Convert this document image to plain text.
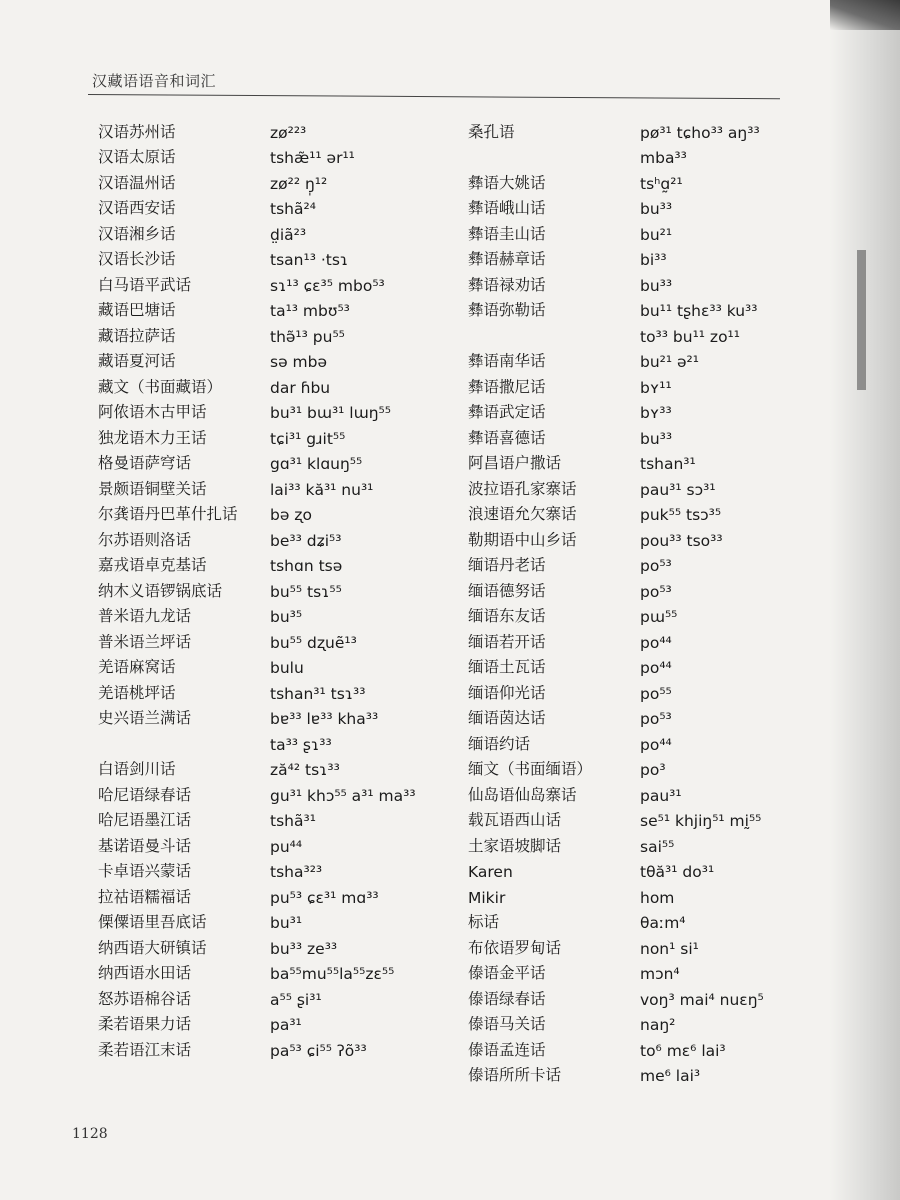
汉藏语语音和词汇
汉语苏州话	zø²²³
汉语太原话	tshæ̃¹¹ ər¹¹
汉语温州话	zø²² ŋ̩¹²
汉语西安话	tshã²⁴
汉语湘乡话	d̤iã²³
汉语长沙话	tsan¹³ ·tsɿ
白马语平武话	sɿ¹³ ɕɛ³⁵ mbo⁵³
藏语巴塘话	ta¹³ mbʊ⁵³
藏语拉萨话	thə̃¹³ pu⁵⁵
藏语夏河话	sə mbə
藏文（书面藏语）	dar ɦbu
阿侬语木古甲话	bu³¹ bɯ³¹ lɯŋ⁵⁵
独龙语木力王话	tɕi³¹ gɹit⁵⁵
格曼语萨穹话	gɑ³¹ klɑuŋ⁵⁵
景颇语铜壁关话	lai³³ kă³¹ nu³¹
尔龚语丹巴革什扎话	bə ʐo
尔苏语则洛话	be³³ dʑi⁵³
嘉戎语卓克基话	tshɑn tsə
纳木义语锣锅底话	bu⁵⁵ tsɿ⁵⁵
普米语九龙话	bu³⁵
普米语兰坪话	bu⁵⁵ dʐuẽ¹³
羌语麻窝话	bulu
羌语桃坪话	tshan³¹ tsɿ³³
史兴语兰满话	bɐ³³ lɐ³³ kha³³
ta³³ ʂɿ³³
白语剑川话	ză⁴² tsɿ³³
哈尼语绿春话	gu³¹ khɔ⁵⁵ a³¹ ma³³
哈尼语墨江话	tshã³¹
基诺语曼斗话	pu⁴⁴
卡卓语兴蒙话	tsha³²³
拉祜语糯福话	pu⁵³ ɕɛ³¹ mɑ³³
傈僳语里吾底话	bu³¹
纳西语大研镇话	bu³³ ze³³
纳西语水田话	ba⁵⁵mu⁵⁵la⁵⁵zɛ⁵⁵
怒苏语棉谷话	a⁵⁵ ʂi³¹
柔若语果力话	pa³¹
柔若语江末话	pa⁵³ ɕi⁵⁵ ʔõ³³
桑孔语	pø³¹ tɕho³³ aŋ³³
mba³³
彝语大姚话	tsʰɑ̰²¹
彝语峨山话	bu³³
彝语圭山话	bu²¹
彝语赫章话	bi³³
彝语禄劝话	bu³³
彝语弥勒话	bu¹¹ tʂhɛ³³ ku³³
to³³ bu¹¹ zo¹¹
彝语南华话	bu²¹ ə²¹
彝语撒尼话	bʏ¹¹
彝语武定话	bʏ³³
彝语喜德话	bu³³
阿昌语户撒话	tshan³¹
波拉语孔家寨话	pau³¹ sɔ³¹
浪速语允欠寨话	puk⁵⁵ tsɔ³⁵
勒期语中山乡话	pou³³ tso³³
缅语丹老话	po⁵³
缅语德努话	po⁵³
缅语东友话	pɯ⁵⁵
缅语若开话	po⁴⁴
缅语土瓦话	po⁴⁴
缅语仰光话	po⁵⁵
缅语茵达话	po⁵³
缅语约话	po⁴⁴
缅文（书面缅语）	po³
仙岛语仙岛寨话	pau³¹
载瓦语西山话	se⁵¹ khjiŋ⁵¹ mḭ⁵⁵
土家语坡脚话	sai⁵⁵
Karen	tθă³¹ do³¹
Mikir	hom
标话	θaːm⁴
布依语罗甸话	non¹ si¹
傣语金平话	mɔn⁴
傣语绿春话	voŋ³ mai⁴ nuɛŋ⁵
傣语马关话	naŋ²
傣语孟连话	to⁶ mɛ⁶ lai³
傣语所所卡话	me⁶ lai³
1128
